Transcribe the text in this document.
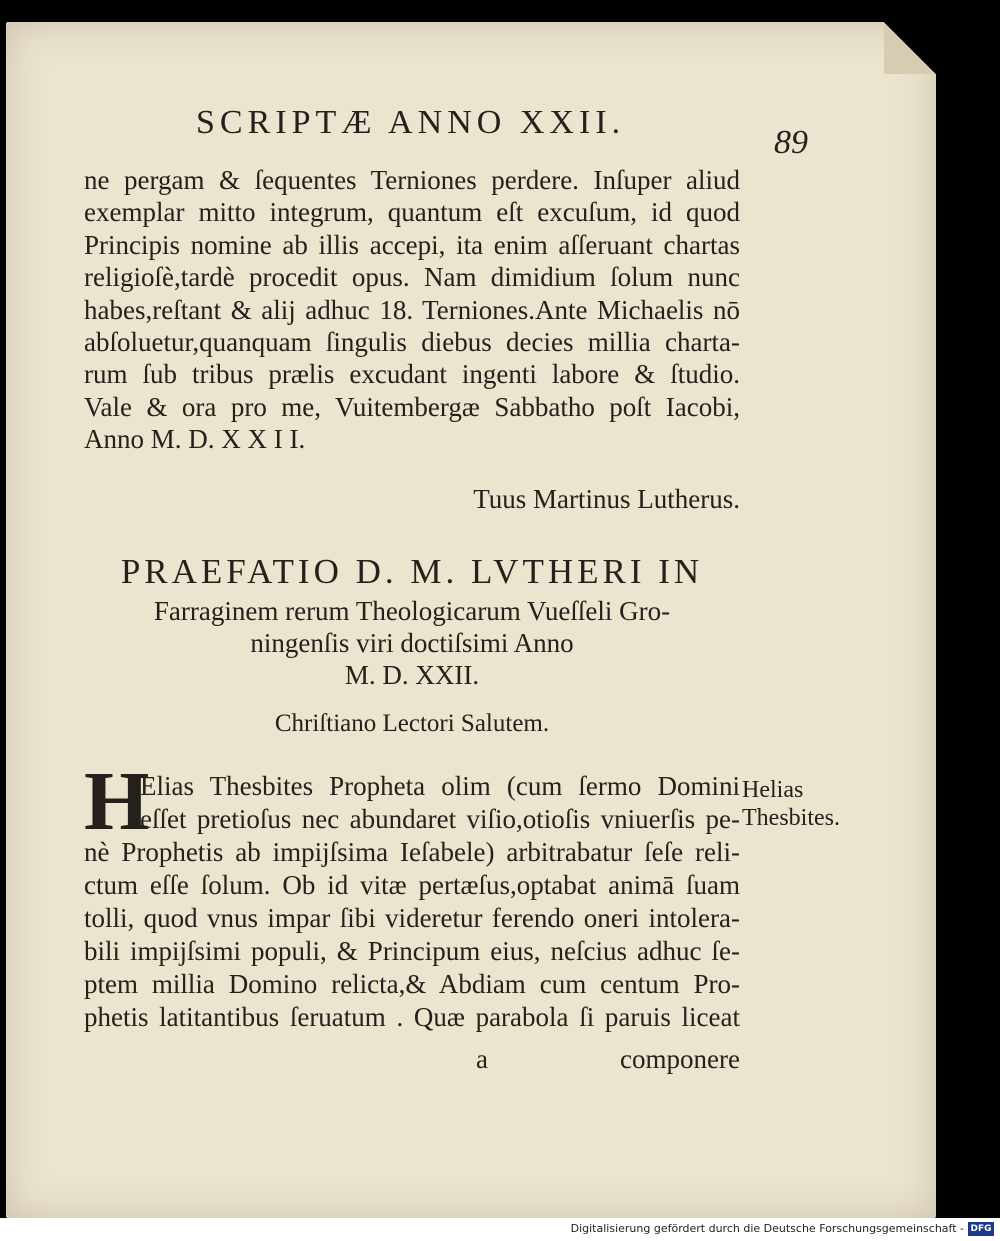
SCRIPTÆ ANNO XXII.
89
ne pergam & ſequentes Terniones perdere. Inſuper aliud
exemplar mitto integrum, quantum eſt excuſum, id quod
Principis nomine ab illis accepi, ita enim aſſeruant chartas
religioſè,tardè procedit opus. Nam dimidium ſolum nunc
habes,reſtant & alij adhuc 18. Terniones.Ante Michaelis nō
abſoluetur,quanquam ſingulis diebus decies millia charta-
rum ſub tribus prælis excudant ingenti labore & ſtudio.
Vale & ora pro me, Vuitembergæ Sabbatho poſt Iacobi,
Anno M. D. X X I I.
Tuus Martinus Lutherus.
PRAEFATIO D. M. LVTHERI IN
Farraginem rerum Theologicarum Vueſſeli Gro-
ningenſis viri doctiſsimi Anno
M. D. XXII.
Chriſtiano Lectori Salutem.
H
Elias Thesbites Propheta olim (cum ſermo Domini
eſſet pretioſus nec abundaret viſio,otioſis vniuerſis pe-
nè Prophetis ab impijſsima Ieſabele) arbitrabatur ſeſe reli-
ctum eſſe ſolum. Ob id vitæ pertæſus,optabat animā ſuam
tolli, quod vnus impar ſibi videretur ferendo oneri intolera-
bili impijſsimi populi, & Principum eius, neſcius adhuc ſe-
ptem millia Domino relicta,& Abdiam cum centum Pro-
phetis latitantibus ſeruatum . Quæ parabola ſi paruis liceat
Helias
Thesbites.
a	componere
Digitalisierung gefördert durch die Deutsche Forschungsgemeinschaft - DFG
